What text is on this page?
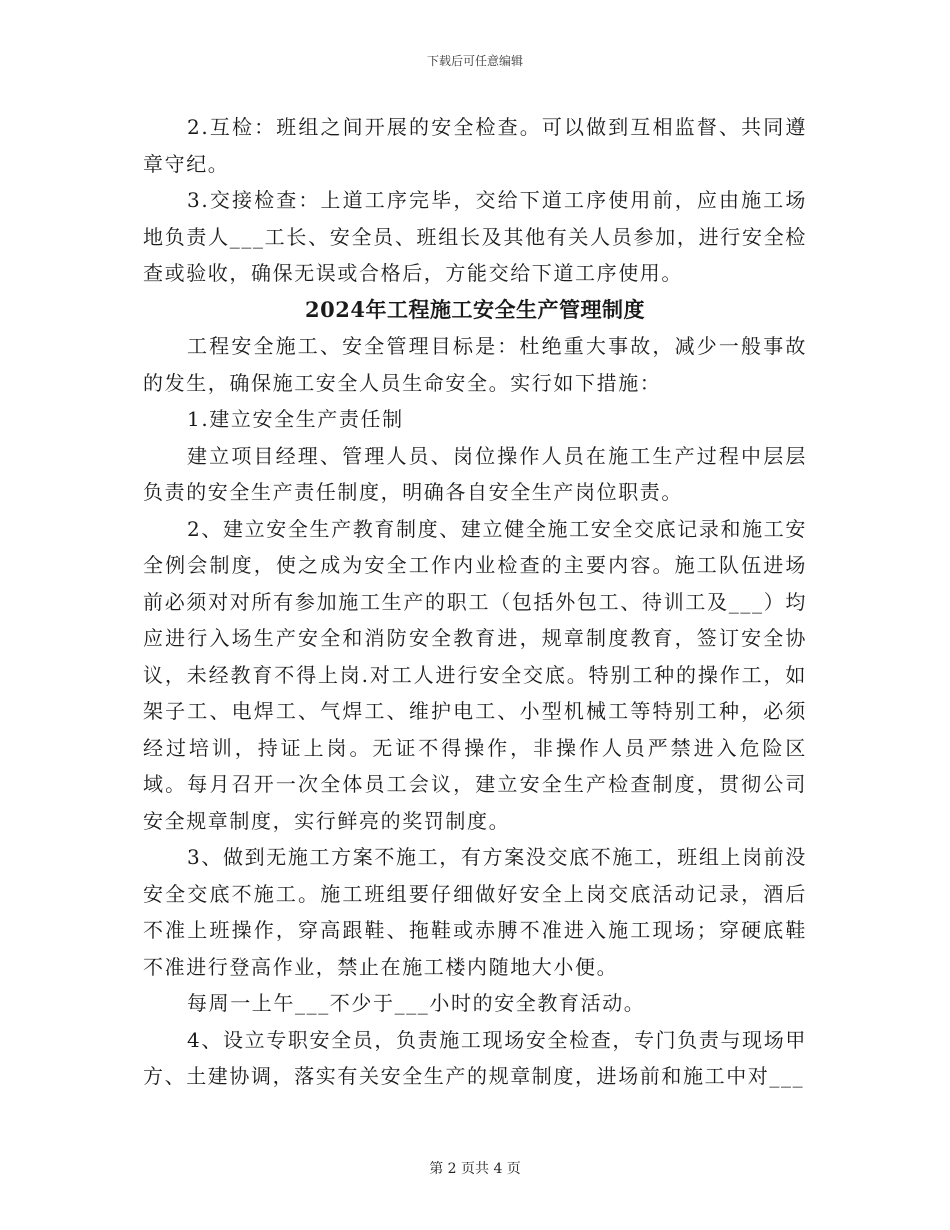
下载后可任意编辑

2.互检：班组之间开展的安全检查。可以做到互相监督、共同遵章守纪。

3.交接检查：上道工序完毕，交给下道工序使用前，应由施工场地负责人___工长、安全员、班组长及其他有关人员参加，进行安全检查或验收，确保无误或合格后，方能交给下道工序使用。

2024年工程施工安全生产管理制度

工程安全施工、安全管理目标是：杜绝重大事故，减少一般事故的发生，确保施工安全人员生命安全。实行如下措施：

1.建立安全生产责任制

建立项目经理、管理人员、岗位操作人员在施工生产过程中层层负责的安全生产责任制度，明确各自安全生产岗位职责。

2、建立安全生产教育制度、建立健全施工安全交底记录和施工安全例会制度，使之成为安全工作内业检查的主要内容。施工队伍进场前必须对对所有参加施工生产的职工（包括外包工、待训工及___）均应进行入场生产安全和消防安全教育进，规章制度教育，签订安全协议，未经教育不得上岗.对工人进行安全交底。特别工种的操作工，如架子工、电焊工、气焊工、维护电工、小型机械工等特别工种，必须经过培训，持证上岗。无证不得操作，非操作人员严禁进入危险区域。每月召开一次全体员工会议，建立安全生产检查制度，贯彻公司安全规章制度，实行鲜亮的奖罚制度。

3、做到无施工方案不施工，有方案没交底不施工，班组上岗前没安全交底不施工。施工班组要仔细做好安全上岗交底活动记录，酒后不准上班操作，穿高跟鞋、拖鞋或赤膊不准进入施工现场；穿硬底鞋不准进行登高作业，禁止在施工楼内随地大小便。

每周一上午___不少于___小时的安全教育活动。

4、设立专职安全员，负责施工现场安全检查，专门负责与现场甲方、土建协调，落实有关安全生产的规章制度，进场前和施工中对___

第 2 页共 4 页
